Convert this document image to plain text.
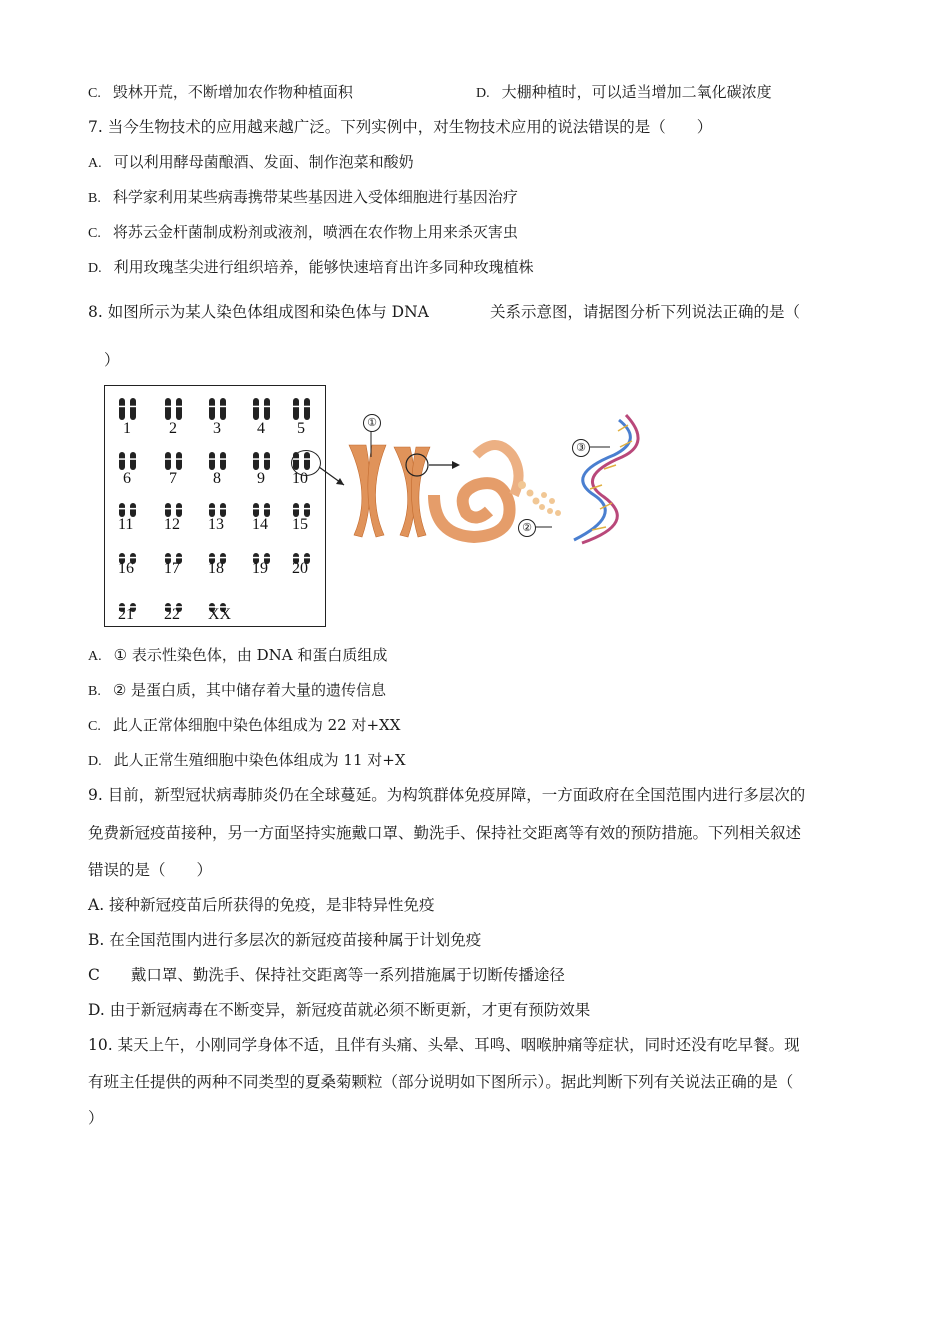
C. 毁林开荒，不断增加农作物种植面积	D. 大棚种植时，可以适当增加二氧化碳浓度
7. 当今生物技术的应用越来越广泛。下列实例中，对生物技术应用的说法错误的是（　　）
A. 可以利用酵母菌酿酒、发面、制作泡菜和酸奶
B. 科学家利用某些病毒携带某些基因进入受体细胞进行基因治疗
C. 将苏云金杆菌制成粉剂或液剂，喷洒在农作物上用来杀灭害虫
D. 利用玫瑰茎尖进行组织培养，能够快速培育出许多同种玫瑰植株
8. 如图所示为某人染色体组成图和染色体与 DNA	关系示意图，请据图分析下列说法正确的是（
）
1 2 3 4 5
6 7 8 9 10
11 12 13 14 15
16 17 18 19 20
21 22 XX
①
②
③
A. ① 表示性染色体，由 DNA 和蛋白质组成
B. ② 是蛋白质，其中储存着大量的遗传信息
C. 此人正常体细胞中染色体组成为 22 对+XX
D. 此人正常生殖细胞中染色体组成为 11 对+X
9. 目前，新型冠状病毒肺炎仍在全球蔓延。为构筑群体免疫屏障，一方面政府在全国范围内进行多层次的
免费新冠疫苗接种，另一方面坚持实施戴口罩、勤洗手、保持社交距离等有效的预防措施。下列相关叙述
错误的是（　　）
A. 接种新冠疫苗后所获得的免疫，是非特异性免疫
B. 在全国范围内进行多层次的新冠疫苗接种属于计划免疫
C　　戴口罩、勤洗手、保持社交距离等一系列措施属于切断传播途径
D. 由于新冠病毒在不断变异，新冠疫苗就必须不断更新，才更有预防效果
10. 某天上午，小刚同学身体不适，且伴有头痛、头晕、耳鸣、咽喉肿痛等症状，同时还没有吃早餐。现
有班主任提供的两种不同类型的夏桑菊颗粒（部分说明如下图所示）。据此判断下列有关说法正确的是（
）
